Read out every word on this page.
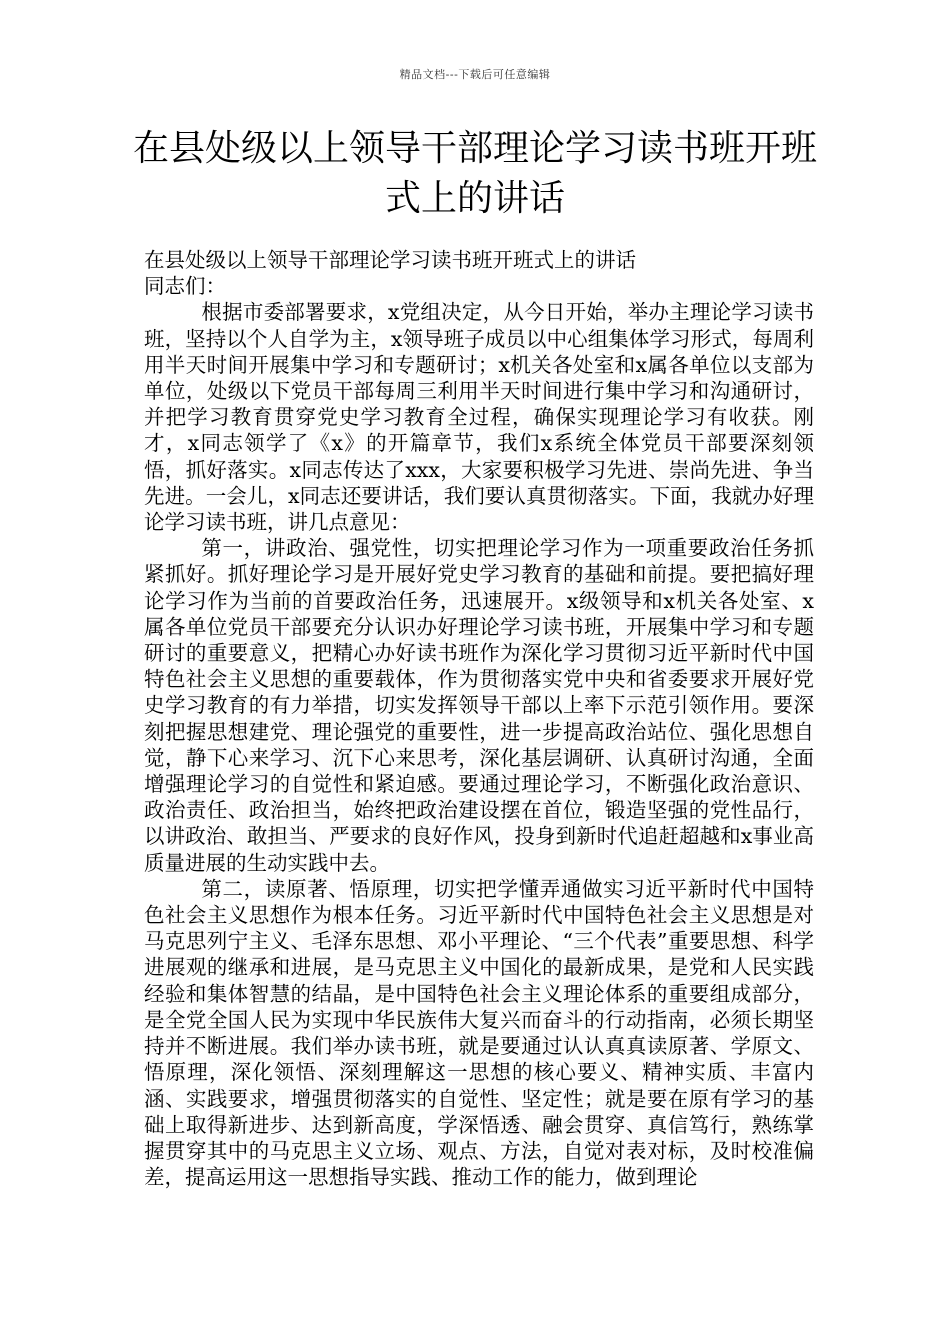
精品文档---下载后可任意编辑
在县处级以上领导干部理论学习读书班开班式上的讲话

在县处级以上领导干部理论学习读书班开班式上的讲话

同志们：

根据市委部署要求，x党组决定，从今日开始，举办主理论学习读书班，坚持以个人自学为主，x领导班子成员以中心组集体学习形式，每周利用半天时间开展集中学习和专题研讨；x机关各处室和x属各单位以支部为单位，处级以下党员干部每周三利用半天时间进行集中学习和沟通研讨，并把学习教育贯穿党史学习教育全过程，确保实现理论学习有收获。刚才，x同志领学了《x》的开篇章节，我们x系统全体党员干部要深刻领悟，抓好落实。x同志传达了xxx，大家要积极学习先进、崇尚先进、争当先进。一会儿，x同志还要讲话，我们要认真贯彻落实。下面，我就办好理论学习读书班，讲几点意见：

第一，讲政治、强党性，切实把理论学习作为一项重要政治任务抓紧抓好。抓好理论学习是开展好党史学习教育的基础和前提。要把搞好理论学习作为当前的首要政治任务，迅速展开。x级领导和x机关各处室、x属各单位党员干部要充分认识办好理论学习读书班，开展集中学习和专题研讨的重要意义，把精心办好读书班作为深化学习贯彻习近平新时代中国特色社会主义思想的重要载体，作为贯彻落实党中央和省委要求开展好党史学习教育的有力举措，切实发挥领导干部以上率下示范引领作用。要深刻把握思想建党、理论强党的重要性，进一步提高政治站位、强化思想自觉，静下心来学习、沉下心来思考，深化基层调研、认真研讨沟通，全面增强理论学习的自觉性和紧迫感。要通过理论学习，不断强化政治意识、政治责任、政治担当，始终把政治建设摆在首位，锻造坚强的党性品行，以讲政治、敢担当、严要求的良好作风，投身到新时代追赶超越和x事业高质量进展的生动实践中去。

第二，读原著、悟原理，切实把学懂弄通做实习近平新时代中国特色社会主义思想作为根本任务。习近平新时代中国特色社会主义思想是对马克思列宁主义、毛泽东思想、邓小平理论、“三个代表”重要思想、科学进展观的继承和进展，是马克思主义中国化的最新成果，是党和人民实践经验和集体智慧的结晶，是中国特色社会主义理论体系的重要组成部分，是全党全国人民为实现中华民族伟大复兴而奋斗的行动指南，必须长期坚持并不断进展。我们举办读书班，就是要通过认认真真读原著、学原文、悟原理，深化领悟、深刻理解这一思想的核心要义、精神实质、丰富内涵、实践要求，增强贯彻落实的自觉性、坚定性；就是要在原有学习的基础上取得新进步、达到新高度，学深悟透、融会贯穿、真信笃行，熟练掌握贯穿其中的马克思主义立场、观点、方法，自觉对表对标，及时校准偏差，提高运用这一思想指导实践、推动工作的能力，做到理论
